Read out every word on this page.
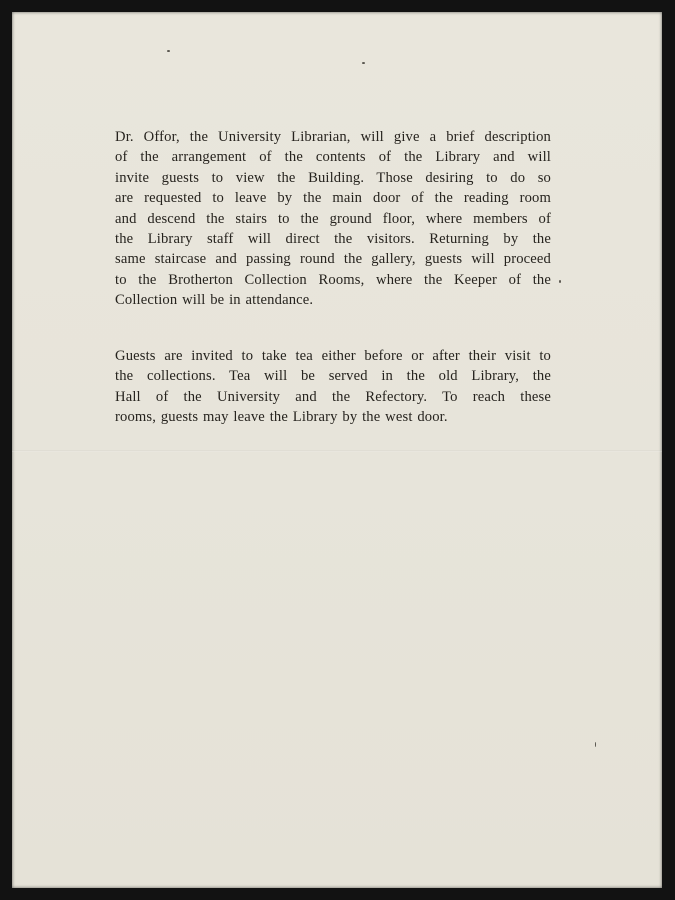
Dr. Offor, the University Librarian, will give a brief description
of the arrangement of the contents of the Library and will
invite guests to view the Building. Those desiring to do so
are requested to leave by the main door of the reading room
and descend the stairs to the ground floor, where members of
the Library staff will direct the visitors. Returning by the
same staircase and passing round the gallery, guests will proceed
to the Brotherton Collection Rooms, where the Keeper of the
Collection will be in attendance.
Guests are invited to take tea either before or after their visit to
the collections. Tea will be served in the old Library, the
Hall of the University and the Refectory. To reach these
rooms, guests may leave the Library by the west door.
